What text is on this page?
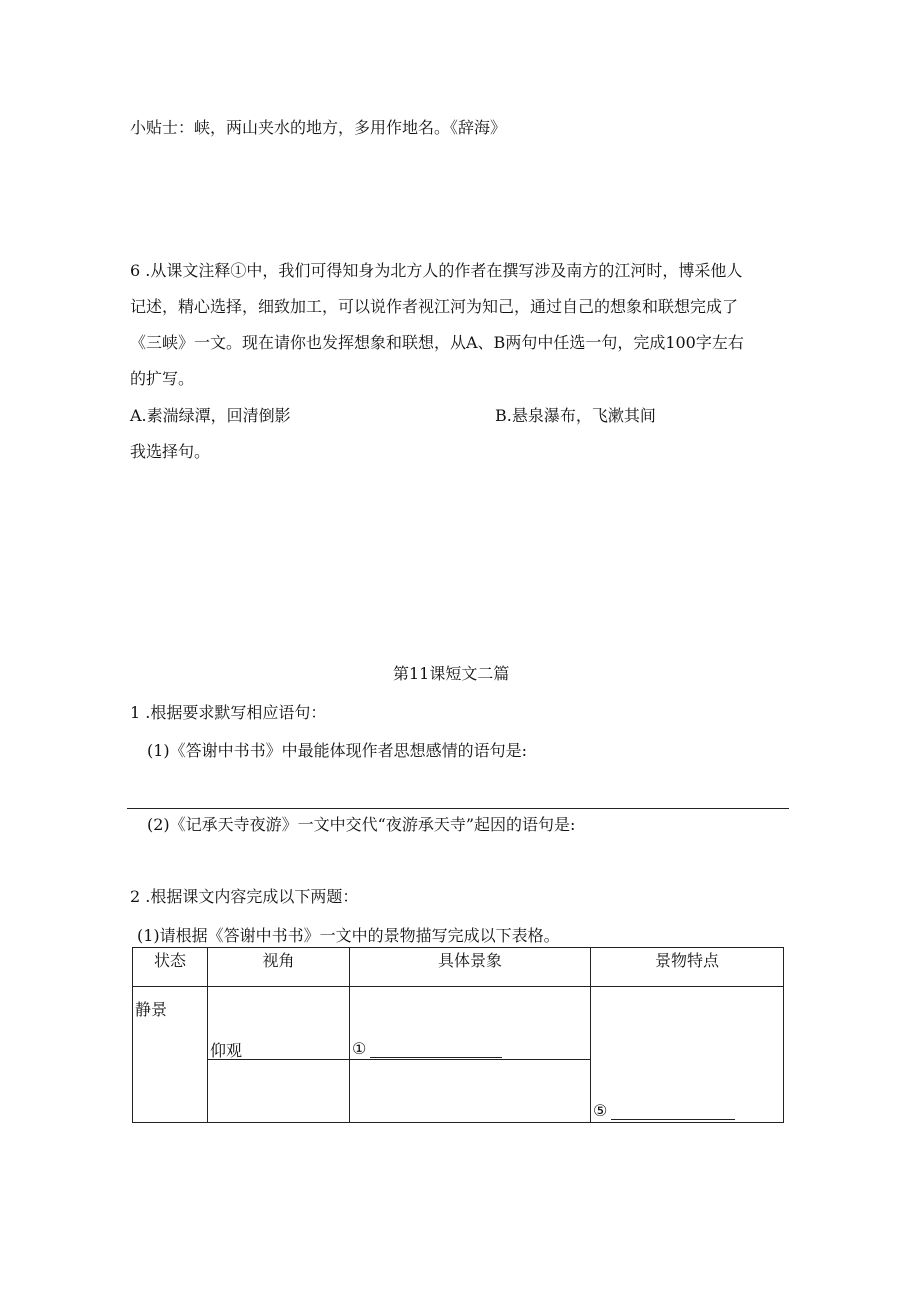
小贴士：峡，两山夹水的地方，多用作地名。《辞海》
6 .从课文注释①中，我们可得知身为北方人的作者在撰写涉及南方的江河时，博采他人
记述，精心选择，细致加工，可以说作者视江河为知己，通过自己的想象和联想完成了
《三峡》一文。现在请你也发挥想象和联想，从A、B两句中任选一句，完成100字左右
的扩写。
A.素湍绿潭，回清倒影	B.悬泉瀑布，飞漱其间
我选择句。
第11课短文二篇
1 .根据要求默写相应语句：
(1)《答谢中书书》中最能体现作者思想感情的语句是:
(2)《记承天寺夜游》一文中交代“夜游承天寺”起因的语句是:
2 .根据课文内容完成以下两题：
(1)请根据《答谢中书书》一文中的景物描写完成以下表格。
状态	视角	具体景象	景物特点

静景	仰观	①	⑤
